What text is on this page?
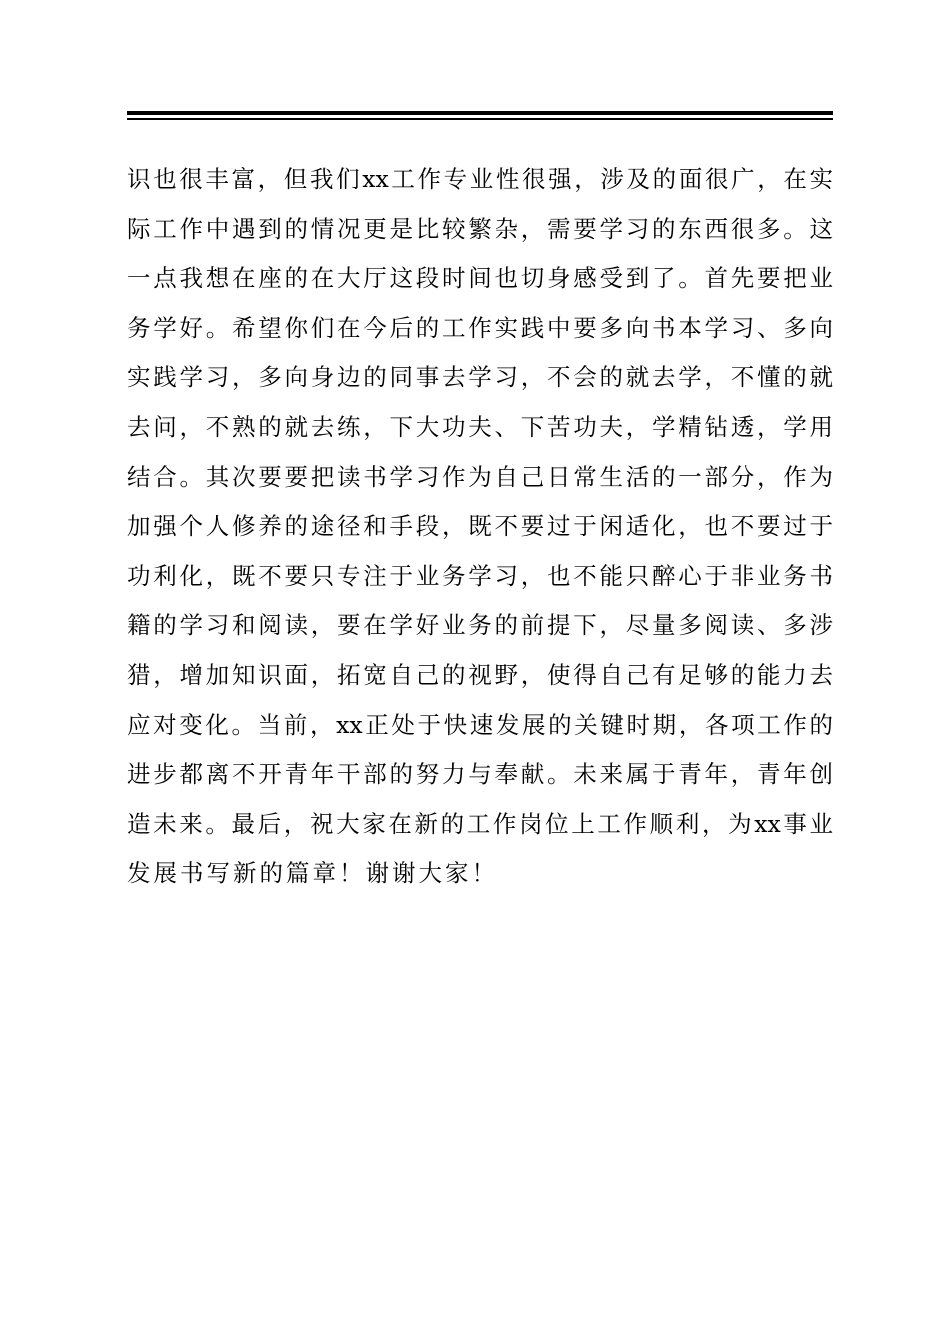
识也很丰富，但我们xx工作专业性很强，涉及的面很广，在实
际工作中遇到的情况更是比较繁杂，需要学习的东西很多。这
一点我想在座的在大厅这段时间也切身感受到了。首先要把业
务学好。希望你们在今后的工作实践中要多向书本学习、多向
实践学习，多向身边的同事去学习，不会的就去学，不懂的就
去问，不熟的就去练，下大功夫、下苦功夫，学精钻透，学用
结合。其次要要把读书学习作为自己日常生活的一部分，作为
加强个人修养的途径和手段，既不要过于闲适化，也不要过于
功利化，既不要只专注于业务学习，也不能只醉心于非业务书
籍的学习和阅读，要在学好业务的前提下，尽量多阅读、多涉
猎，增加知识面，拓宽自己的视野，使得自己有足够的能力去
应对变化。当前，xx正处于快速发展的关键时期，各项工作的
进步都离不开青年干部的努力与奉献。未来属于青年，青年创
造未来。最后，祝大家在新的工作岗位上工作顺利，为xx事业
发展书写新的篇章！谢谢大家！
